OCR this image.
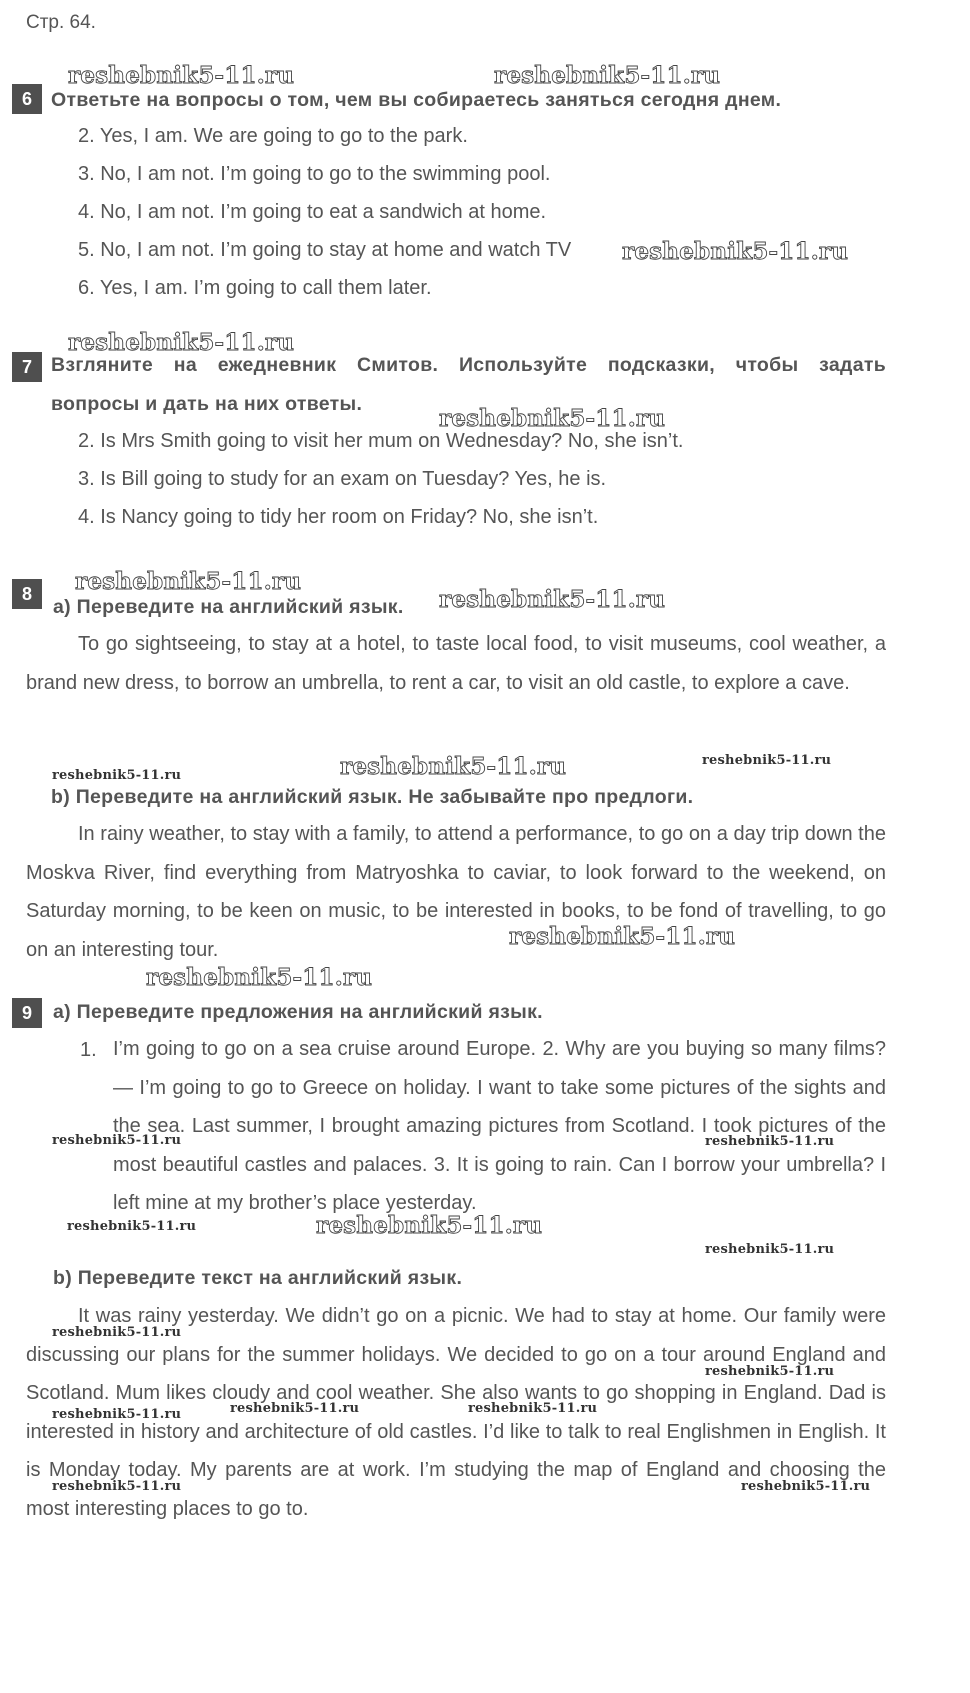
Стр. 64.
6 Ответьте на вопросы о том, чем вы собираетесь заняться сегодня днем.
2. Yes, I am. We are going to go to the park.
3. No, I am not. I’m going to go to the swimming pool.
4. No, I am not. I’m going to eat a sandwich at home.
5. No, I am not. I’m going to stay at home and watch TV
6. Yes, I am. I’m going to call them later.
7 Взгляните на ежедневник Смитов. Используйте подсказки, чтобы задать
вопросы и дать на них ответы.
2. Is Mrs Smith going to visit her mum on Wednesday? No, she isn’t.
3. Is Bill going to study for an exam on Tuesday? Yes, he is.
4. Is Nancy going to tidy her room on Friday? No, she isn’t.
8
a) Переведите на английский язык.
To go sightseeing, to stay at a hotel, to taste local food, to visit museums, cool weather, a brand new dress, to borrow an umbrella, to rent a car, to visit an old castle, to explore a cave.
b) Переведите на английский язык. Не забывайте про предлоги.
In rainy weather, to stay with a family, to attend a performance, to go on a day trip down the Moskva River, find everything from Matryoshka to caviar, to look forward to the weekend, on Saturday morning, to be keen on music, to be interested in books, to be fond of travelling, to go on an interesting tour.
9	a) Переведите предложения на английский язык.
1. I’m going to go on a sea cruise around Europe. 2. Why are you buying so many films? — I’m going to go to Greece on holiday. I want to take some pictures of the sights and the sea. Last summer, I brought amazing pictures from Scotland. I took pictures of the most beautiful castles and palaces. 3. It is going to rain. Can I borrow your umbrella? I left mine at my brother’s place yesterday.
b) Переведите текст на английский язык.
It was rainy yesterday. We didn’t go on a picnic. We had to stay at home. Our family were discussing our plans for the summer holidays. We decided to go on a tour around England and Scotland. Mum likes cloudy and cool weather. She also wants to go shopping in England. Dad is interested in history and architecture of old castles. I’d like to talk to real Englishmen in English. It is Monday today. My parents are at work. I’m studying the map of England and choosing the most interesting places to go to.
reshebnik5-11.ru	reshebnik5-11.ru
reshebnik5-11.ru
reshebnik5-11.ru
reshebnik5-11.ru
reshebnik5-11.ru
reshebnik5-11.ru
reshebnik5-11.ru
reshebnik5-11.ru
reshebnik5-11.ru
reshebnik5-11.ru
reshebnik5-11.ru
reshebnik5-11.ru
reshebnik5-11.ru	reshebnik5-11.ru
reshebnik5-11.ru
reshebnik5-11.ru
reshebnik5-11.ru
reshebnik5-11.ru
reshebnik5-11.ru	reshebnik5-11.ru	reshebnik5-11.ru
reshebnik5-11.ru	reshebnik5-11.ru
